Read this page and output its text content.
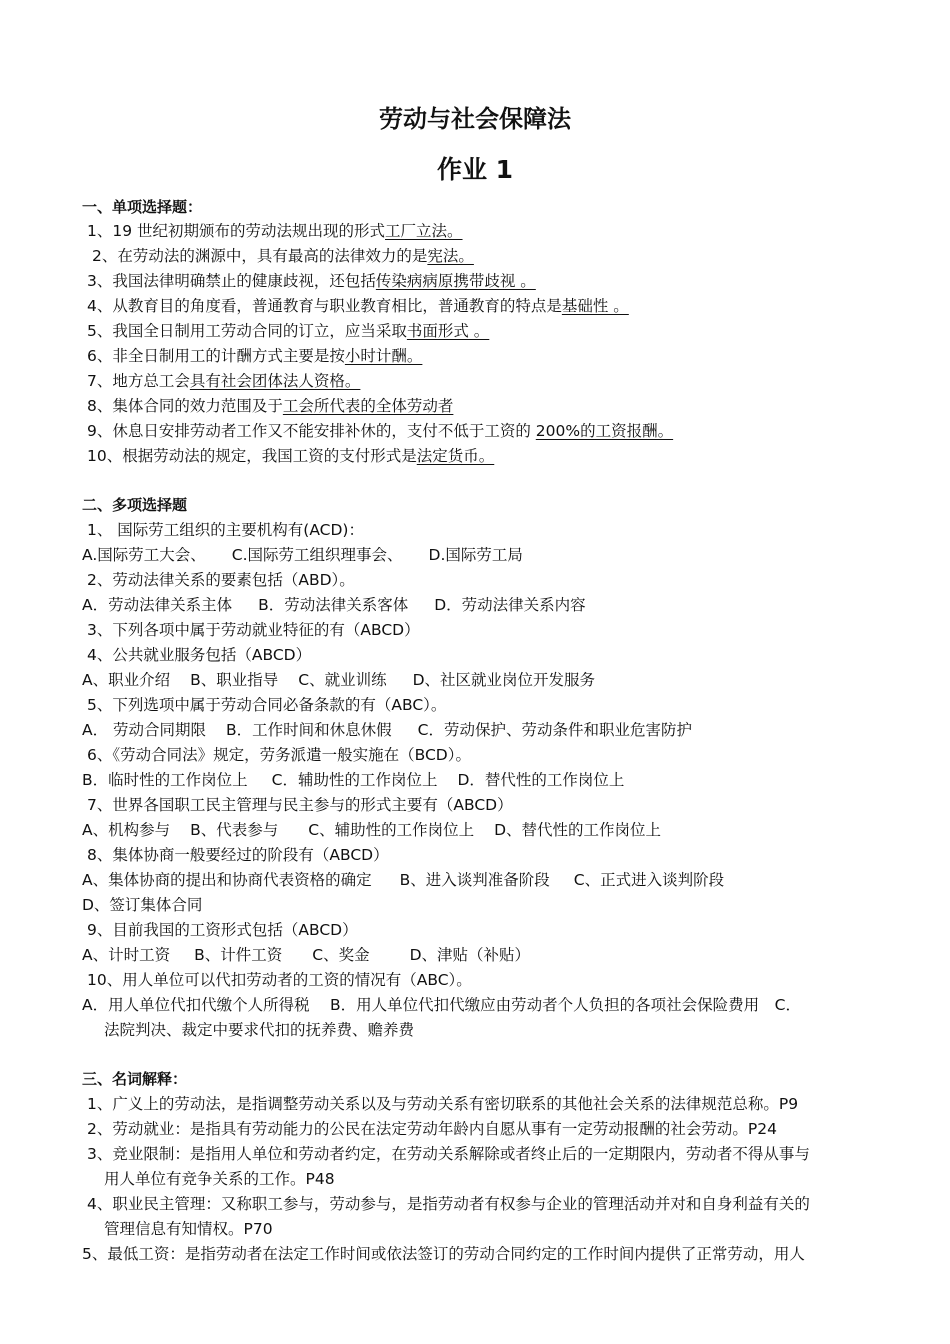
劳动与社会保障法
作业 1
一、单项选择题：
1、19 世纪初期颁布的劳动法规出现的形式工厂立法。
2、在劳动法的渊源中，具有最高的法律效力的是宪法。
3、我国法律明确禁止的健康歧视，还包括传染病病原携带歧视 。
4、从教育目的角度看，普通教育与职业教育相比，普通教育的特点是基础性 。
5、我国全日制用工劳动合同的订立，应当采取书面形式 。
6、非全日制用工的计酬方式主要是按小时计酬。
7、地方总工会具有社会团体法人资格。
8、集体合同的效力范围及于工会所代表的全体劳动者
9、休息日安排劳动者工作又不能安排补休的，支付不低于工资的 200%的工资报酬。
10、根据劳动法的规定，我国工资的支付形式是法定货币。
二、多项选择题
1、 国际劳工组织的主要机构有(ACD)：
A.国际劳工大会、 C.国际劳工组织理事会、 D.国际劳工局
2、劳动法律关系的要素包括（ABD）。
A．劳动法律关系主体 B．劳动法律关系客体 D．劳动法律关系内容
3、下列各项中属于劳动就业特征的有（ABCD）
4、公共就业服务包括（ABCD）
A、职业介绍 B、职业指导 C、就业训练 D、社区就业岗位开发服务
5、下列选项中属于劳动合同必备条款的有（ABC）。
A． 劳动合同期限 B．工作时间和休息休假 C．劳动保护、劳动条件和职业危害防护
6、《劳动合同法》规定，劳务派遣一般实施在（BCD）。
B．临时性的工作岗位上 C．辅助性的工作岗位上 D．替代性的工作岗位上
7、世界各国职工民主管理与民主参与的形式主要有（ABCD）
A、机构参与 B、代表参与 C、辅助性的工作岗位上 D、替代性的工作岗位上
8、集体协商一般要经过的阶段有（ABCD）
A、集体协商的提出和协商代表资格的确定 B、进入谈判准备阶段 C、正式进入谈判阶段
D、签订集体合同
9、目前我国的工资形式包括（ABCD）
A、计时工资 B、计件工资 C、奖金	D、津贴（补贴）
10、用人单位可以代扣劳动者的工资的情况有（ABC）。
A．用人单位代扣代缴个人所得税　 B．用人单位代扣代缴应由劳动者个人负担的各项社会保险费用　C．
法院判决、裁定中要求代扣的抚养费、赡养费
三、名词解释：
1、广义上的劳动法，是指调整劳动关系以及与劳动关系有密切联系的其他社会关系的法律规范总称。P9
2、劳动就业：是指具有劳动能力的公民在法定劳动年龄内自愿从事有一定劳动报酬的社会劳动。P24
3、竞业限制：是指用人单位和劳动者约定，在劳动关系解除或者终止后的一定期限内，劳动者不得从事与
用人单位有竞争关系的工作。P48
4、职业民主管理：又称职工参与，劳动参与，是指劳动者有权参与企业的管理活动并对和自身利益有关的
管理信息有知情权。P70
5、最低工资：是指劳动者在法定工作时间或依法签订的劳动合同约定的工作时间内提供了正常劳动，用人
